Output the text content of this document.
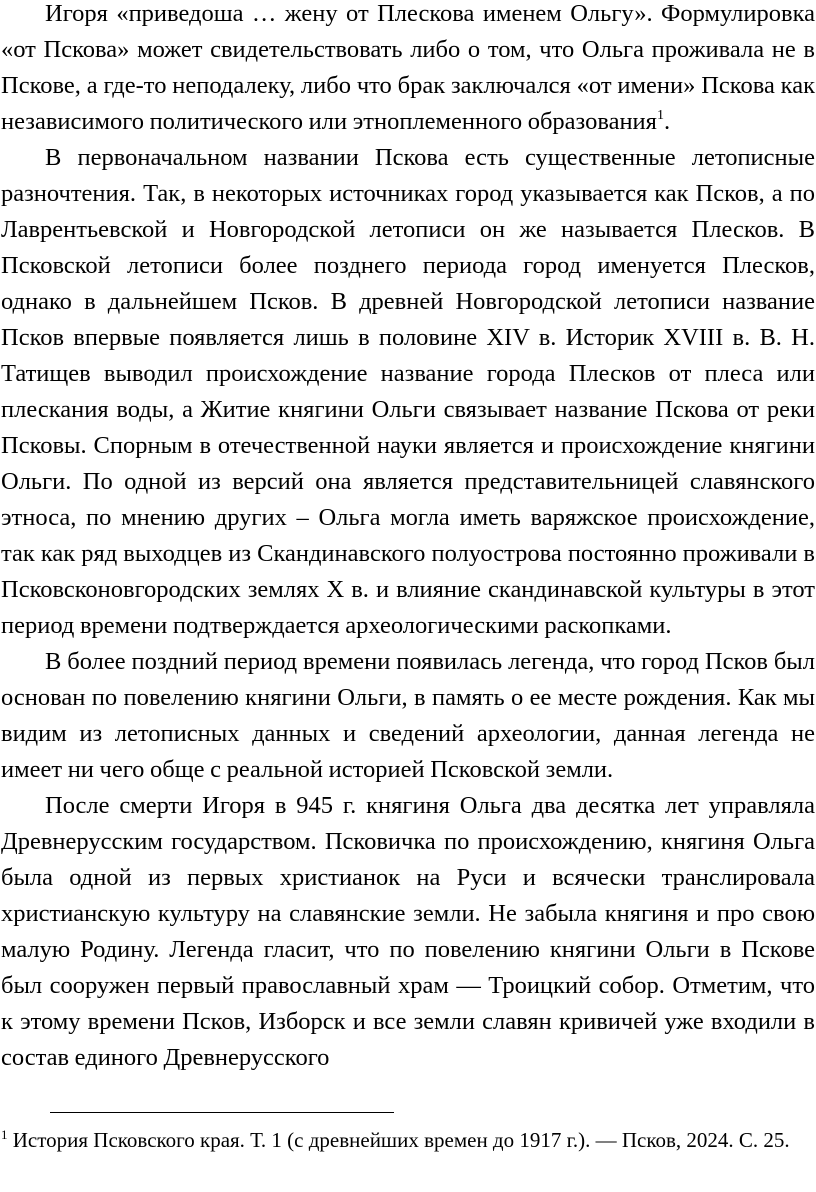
Игоря «приведоша … жену от Плескова именем Ольгу». Формулировка «от Пскова» может свидетельствовать либо о том, что Ольга проживала не в Пскове, а где-то неподалеку, либо что брак заключался «от имени» Пскова как независимого политического или этноплеменного образования$^1$.

В первоначальном названии Пскова есть существенные летописные разночтения. Так, в некоторых источниках город указывается как Псков, а по Лаврентьевской и Новгородской летописи он же называется Плесков. В Псковской летописи более позднего периода город именуется Плесков, однако в дальнейшем Псков. В древней Новгородской летописи название Псков впервые появляется лишь в половине XIV в. Историк XVIII в. В. Н. Татищев выводил происхождение название города Плесков от плеса или плескания воды, а Житие княгини Ольги связывает название Пскова от реки Псковы. Спорным в отечественной науки является и происхождение княгини Ольги. По одной из версий она является представительницей славянского этноса, по мнению других – Ольга могла иметь варяжское происхождение, так как ряд выходцев из Скандинавского полуострова постоянно проживали в Псковсконовгородских землях X в. и влияние скандинавской культуры в этот период времени подтверждается археологическими раскопками.

В более поздний период времени появилась легенда, что город Псков был основан по повелению княгини Ольги, в память о ее месте рождения. Как мы видим из летописных данных и сведений археологии, данная легенда не имеет ни чего обще с реальной историей Псковской земли.

После смерти Игоря в 945 г. княгиня Ольга два десятка лет управляла Древнерусским государством. Псковичка по происхождению, княгиня Ольга была одной из первых христианок на Руси и всячески транслировала христианскую культуру на славянские земли. Не забыла княгиня и про свою малую Родину. Легенда гласит, что по повелению княгини Ольги в Пскове был сооружен первый православный храм ― Троицкий собор. Отметим, что к этому времени Псков, Изборск и все земли славян кривичей уже входили в состав единого Древнерусского

$^1$ История Псковского края. Т. 1 (с древнейших времен до 1917 г.). — Псков, 2024. С. 25.
